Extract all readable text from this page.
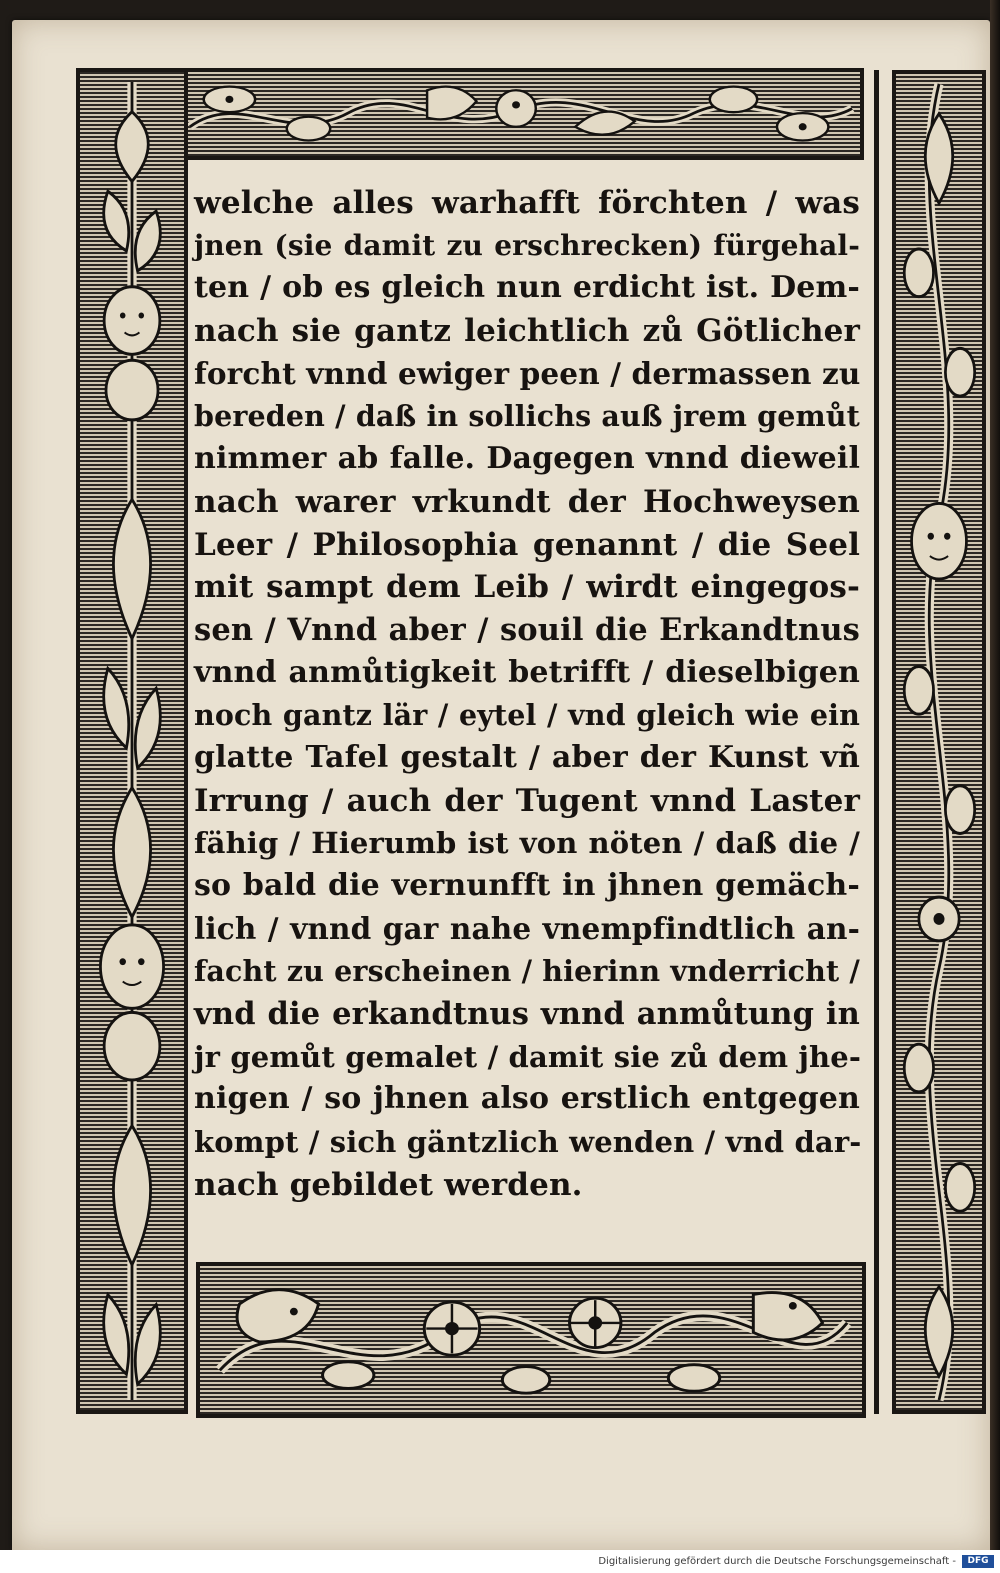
welche alles warhafft förchten / was
jnen (sie damit zu erschrecken) fürgehal-
ten / ob es gleich nun erdicht ist. Dem-
nach sie gantz leichtlich zů Götlicher
forcht vnnd ewiger peen / dermassen zu
bereden / daß in sollichs auß jrem gemůt
nimmer ab falle. Dagegen vnnd dieweil
nach warer vrkundt der Hochweysen
Leer / Philosophia genannt / die Seel
mit sampt dem Leib / wirdt eingegos-
sen / Vnnd aber / souil die Erkandtnus
vnnd anmůtigkeit betrifft / dieselbigen
noch gantz lär / eytel / vnd gleich wie ein
glatte Tafel gestalt / aber der Kunst vñ
Irrung / auch der Tugent vnnd Laster
fähig / Hierumb ist von nöten / daß die /
so bald die vernunfft in jhnen gemäch-
lich / vnnd gar nahe vnempfindtlich an-
facht zu erscheinen / hierinn vnderricht /
vnd die erkandtnus vnnd anmůtung in
jr gemůt gemalet / damit sie zů dem jhe-
nigen / so jhnen also erstlich entgegen
kompt / sich gäntzlich wenden / vnd dar-
nach gebildet werden.
Digitalisierung gefördert durch die Deutsche Forschungsgemeinschaft -	DFG
